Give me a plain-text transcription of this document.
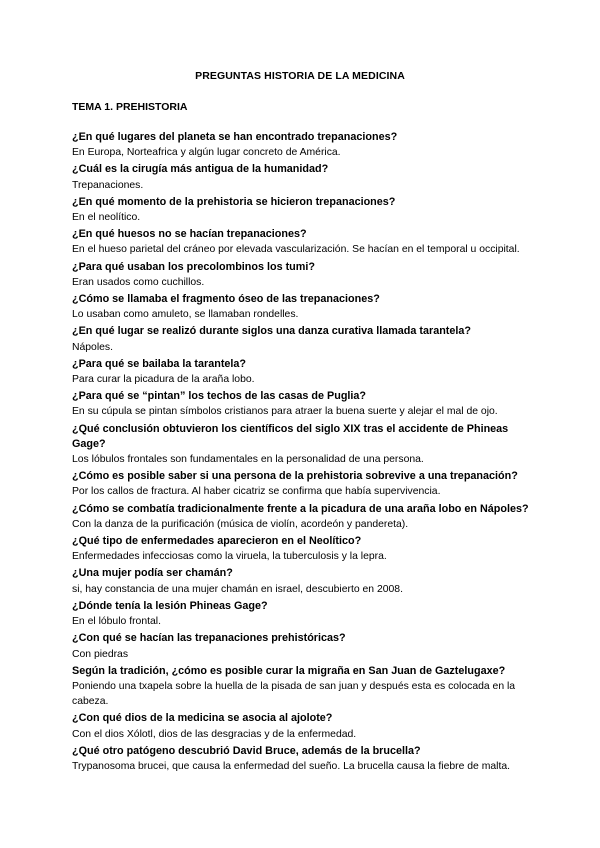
PREGUNTAS HISTORIA DE LA MEDICINA
TEMA 1. PREHISTORIA

¿En qué lugares del planeta se han encontrado trepanaciones?

En Europa, Norteafrica y algún lugar concreto de América.

¿Cuál es la cirugía más antigua de la humanidad?

Trepanaciones.

¿En qué momento de la prehistoria se hicieron trepanaciones?

En el neolítico.

¿En qué huesos no se hacían trepanaciones?

En el hueso parietal del cráneo por elevada vascularización. Se hacían en el temporal u occipital.

¿Para qué usaban los precolombinos los tumi?

Eran usados como cuchillos.

¿Cómo se llamaba el fragmento óseo de las trepanaciones?

Lo usaban como amuleto, se llamaban rondelles.

¿En qué lugar se realizó durante siglos una danza curativa llamada tarantela?

Nápoles.

¿Para qué se bailaba la tarantela?

Para curar la picadura de la araña lobo.

¿Para qué se “pintan” los techos de las casas de Puglia?

En su cúpula se pintan símbolos cristianos para atraer la buena suerte y alejar el mal de ojo.

¿Qué conclusión obtuvieron los científicos del siglo XIX tras el accidente de Phineas Gage?

Los lóbulos frontales son fundamentales en la personalidad de una persona.

¿Cómo es posible saber si una persona de la prehistoria sobrevive a una trepanación?

Por los callos de fractura. Al haber cicatriz se confirma que había supervivencia.

¿Cómo se combatía tradicionalmente frente a la picadura de una araña lobo en Nápoles?

Con la danza de la purificación (música de violín, acordeón y pandereta).

¿Qué tipo de enfermedades aparecieron en el Neolítico?

Enfermedades infecciosas como la viruela, la tuberculosis y la lepra.

¿Una mujer podía ser chamán?

si, hay constancia de una mujer chamán en israel, descubierto en 2008.

¿Dónde tenía la lesión Phineas Gage?

En el lóbulo frontal.

¿Con qué se hacían las trepanaciones prehistóricas?

Con piedras

Según la tradición, ¿cómo es posible curar la migraña en San Juan de Gaztelugaxe?

Poniendo una txapela sobre la huella de la pisada de san juan y después esta es colocada en la cabeza.

¿Con qué dios de la medicina se asocia al ajolote?

Con el dios Xólotl, dios de las desgracias y de la enfermedad.

¿Qué otro patógeno descubrió David Bruce, además de la brucella?

Trypanosoma brucei, que causa la enfermedad del sueño. La brucella causa la fiebre de malta.
